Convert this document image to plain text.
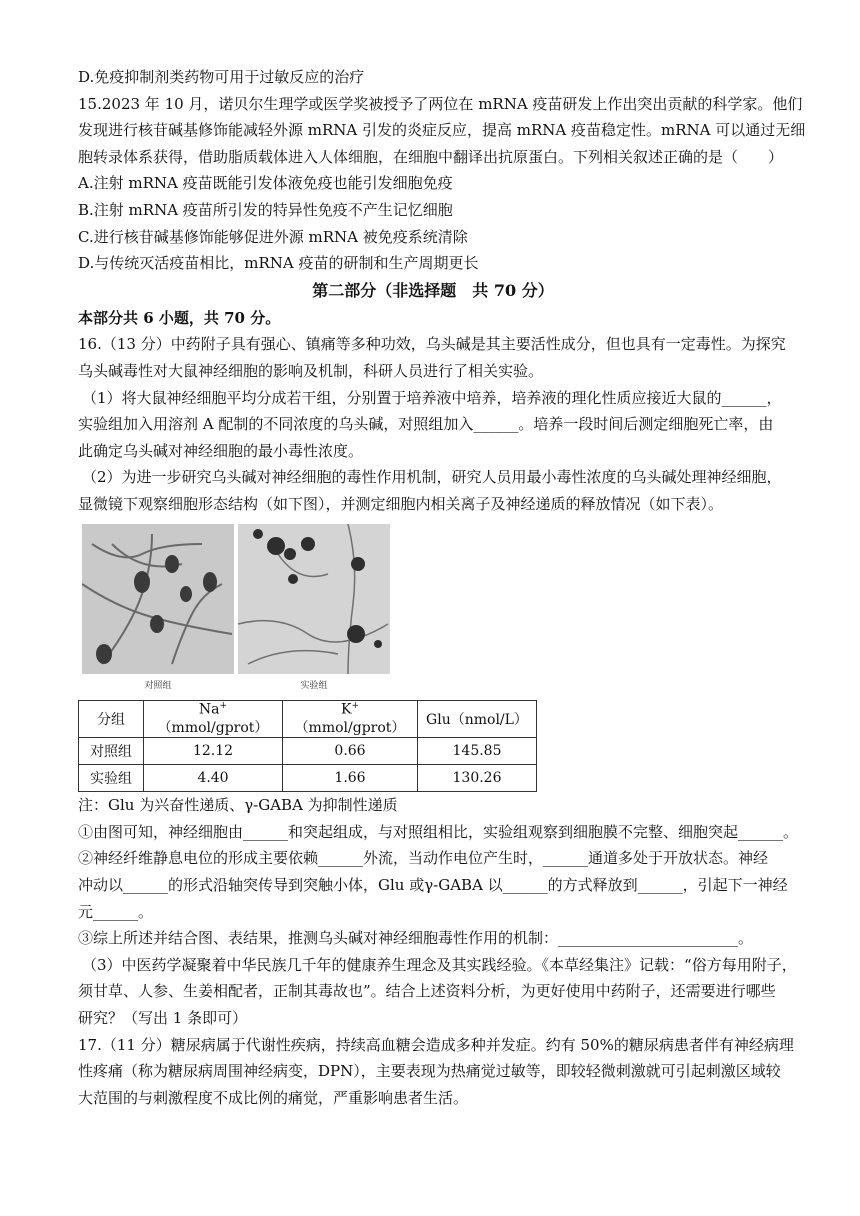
D.免疫抑制剂类药物可用于过敏反应的治疗

15.2023 年 10 月，诺贝尔生理学或医学奖被授予了两位在 mRNA 疫苗研发上作出突出贡献的科学家。他们

发现进行核苷碱基修饰能减轻外源 mRNA 引发的炎症反应，提高 mRNA 疫苗稳定性。mRNA 可以通过无细

胞转录体系获得，借助脂质载体进入人体细胞，在细胞中翻译出抗原蛋白。下列相关叙述正确的是（　　）

A.注射 mRNA 疫苗既能引发体液免疫也能引发细胞免疫

B.注射 mRNA 疫苗所引发的特异性免疫不产生记忆细胞

C.进行核苷碱基修饰能够促进外源 mRNA 被免疫系统清除

D.与传统灭活疫苗相比，mRNA 疫苗的研制和生产周期更长

第二部分（非选择题　共 70 分）

本部分共 6 小题，共 70 分。

16.（13 分）中药附子具有强心、镇痛等多种功效，乌头碱是其主要活性成分，但也具有一定毒性。为探究

乌头碱毒性对大鼠神经细胞的影响及机制，科研人员进行了相关实验。

（1）将大鼠神经细胞平均分成若干组，分别置于培养液中培养，培养液的理化性质应接近大鼠的______，

实验组加入用溶剂 A 配制的不同浓度的乌头碱，对照组加入______。培养一段时间后测定细胞死亡率，由

此确定乌头碱对神经细胞的最小毒性浓度。

（2）为进一步研究乌头碱对神经细胞的毒性作用机制，研究人员用最小毒性浓度的乌头碱处理神经细胞，

显微镜下观察细胞形态结构（如下图），并测定细胞内相关离子及神经递质的释放情况（如下表）。

对照组	实验组
分组	Na+（mmol/gprot）	K+（mmol/gprot）	Glu（nmol/L）
对照组	12.12	0.66	145.85
实验组	4.40	1.66	130.26

注：Glu 为兴奋性递质、γ-GABA 为抑制性递质

①由图可知，神经细胞由______和突起组成，与对照组相比，实验组观察到细胞膜不完整、细胞突起______。

②神经纤维静息电位的形成主要依赖______外流，当动作电位产生时，______通道多处于开放状态。神经

冲动以______的形式沿轴突传导到突触小体，Glu 或γ-GABA 以______的方式释放到______，引起下一神经

元______。

③综上所述并结合图、表结果，推测乌头碱对神经细胞毒性作用的机制：________________________。

（3）中医药学凝聚着中华民族几千年的健康养生理念及其实践经验。《本草经集注》记载：“俗方每用附子，

须甘草、人参、生姜相配者，正制其毒故也”。结合上述资料分析，为更好使用中药附子，还需要进行哪些

研究？（写出 1 条即可）

17.（11 分）糖尿病属于代谢性疾病，持续高血糖会造成多种并发症。约有 50%的糖尿病患者伴有神经病理

性疼痛（称为糖尿病周围神经病变，DPN），主要表现为热痛觉过敏等，即较轻微刺激就可引起刺激区域较

大范围的与刺激程度不成比例的痛觉，严重影响患者生活。
